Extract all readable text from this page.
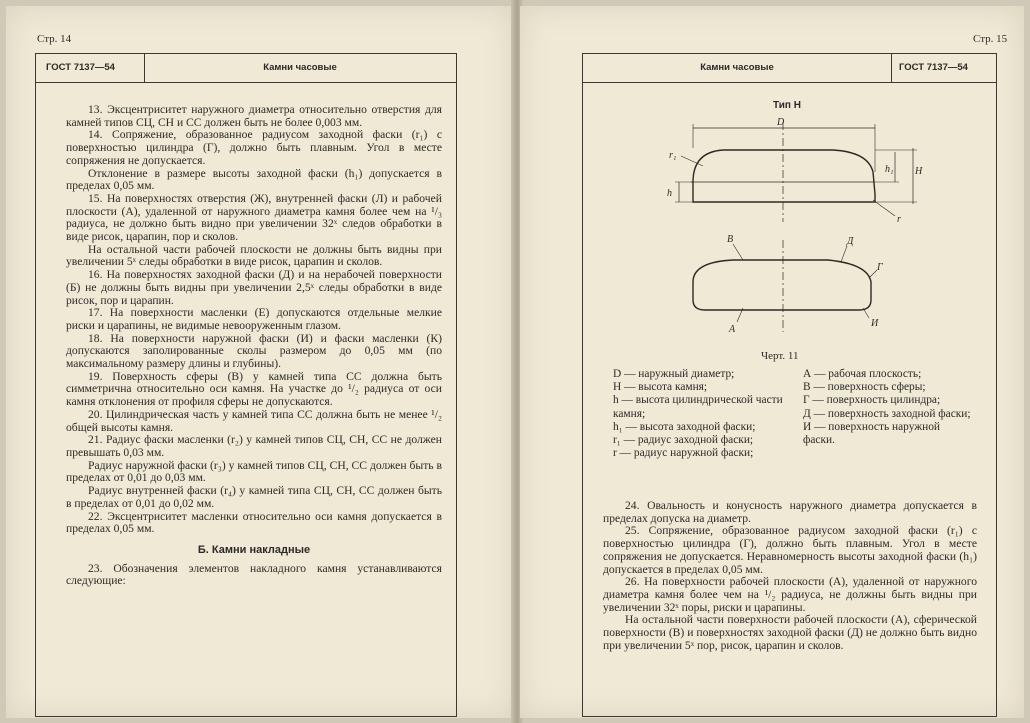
Стр. 14
ГОСТ 7137—54	Камни часовые

13. Эксцентриситет наружного диаметра относительно отверстия для камней типов СЦ, СН и СС должен быть не более 0,003 мм.

14. Сопряжение, образованное радиусом заходной фаски (r₁) с поверхностью цилиндра (Г), должно быть плавным. Угол в месте сопряжения не допускается.

Отклонение в размере высоты заходной фаски (h₁) допускается в пределах 0,05 мм.

15. На поверхностях отверстия (Ж), внутренней фаски (Л) и рабочей плоскости (А), удаленной от наружного диаметра камня более чем на ¹/₃ радиуса, не должно быть видно при увеличении 32ˣ следов обработки в виде рисок, царапин, пор и сколов.

На остальной части рабочей плоскости не должны быть видны при увеличении 5ˣ следы обработки в виде рисок, царапин и сколов.

16. На поверхностях заходной фаски (Д) и на нерабочей поверхности (Б) не должны быть видны при увеличении 2,5ˣ следы обработки в виде рисок, пор и царапин.

17. На поверхности масленки (Е) допускаются отдельные мелкие риски и царапины, не видимые невооруженным глазом.

18. На поверхности наружной фаски (И) и фаски масленки (К) допускаются заполированные сколы размером до 0,05 мм (по максимальному размеру длины и глубины).

19. Поверхность сферы (В) у камней типа СС должна быть симметрична относительно оси камня. На участке до ¹/₂ радиуса от оси камня отклонения от профиля сферы не допускаются.

20. Цилиндрическая часть у камней типа СС должна быть не менее ¹/₂ общей высоты камня.

21. Радиус фаски масленки (r₂) у камней типов СЦ, СН, СС не должен превышать 0,03 мм.

Радиус наружной фаски (r₃) у камней типов СЦ, СН, СС должен быть в пределах от 0,01 до 0,03 мм.

Радиус внутренней фаски (r₄) у камней типа СЦ, СН, СС должен быть в пределах от 0,01 до 0,02 мм.

22. Эксцентриситет масленки относительно оси камня допускается в пределах 0,05 мм.

Б. Камни накладные

23. Обозначения элементов накладного камня устанавливаются следующие:

Стр. 15
Камни часовые	ГОСТ 7137—54
Тип Н
D
H
h₁
h
r₁
r
В	Д
Г
А
И
Черт. 11
D — наружный диаметр;
H — высота камня;
h — высота цилиндрической части камня;
h₁ — высота заходной фаски;
r₁ — радиус заходной фаски;
r — радиус наружной фаски;
А — рабочая плоскость;
В — поверхность сферы;
Г — поверхность цилиндра;
Д — поверхность заходной фаски;
И — поверхность наружной фаски.

24. Овальность и конусность наружного диаметра допускается в пределах допуска на диаметр.

25. Сопряжение, образованное радиусом заходной фаски (r₁) с поверхностью цилиндра (Г), должно быть плавным. Угол в месте сопряжения не допускается. Неравномерность высоты заходной фаски (h₁) допускается в пределах 0,05 мм.

26. На поверхности рабочей плоскости (А), удаленной от наружного диаметра камня более чем на ¹/₂ радиуса, не должны быть видны при увеличении 32ˣ поры, риски и царапины.

На остальной части поверхности рабочей плоскости (А), сферической поверхности (В) и поверхностях заходной фаски (Д) не должно быть видно при увеличении 5ˣ пор, рисок, царапин и сколов.
